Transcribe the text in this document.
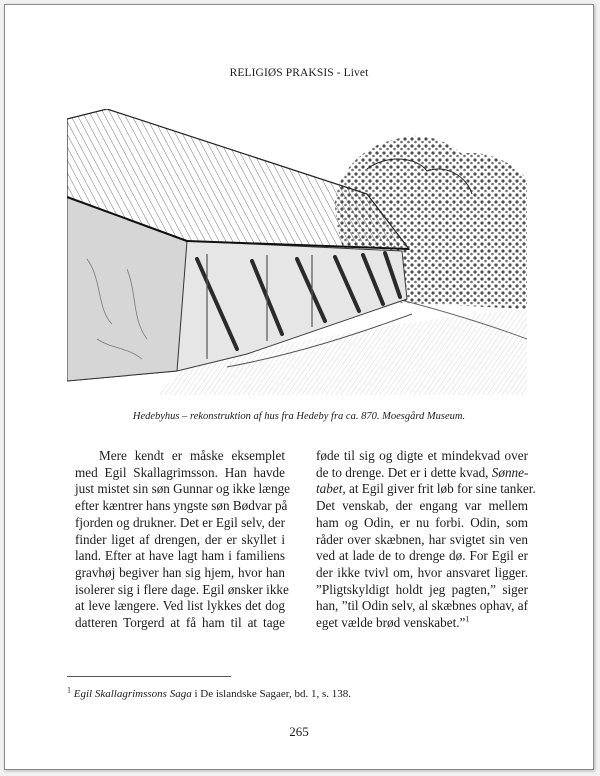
RELIGIØS PRAKSIS - Livet
Hedebyhus – rekonstruktion af hus fra Hedeby fra ca. 870. Moesgård Museum.

Mere kendt er måske eksemplet
med Egil Skallagrimsson. Han havde
just mistet sin søn Gunnar og ikke længe
efter kæntrer hans yngste søn Bødvar på
fjorden og drukner. Det er Egil selv, der
finder liget af drengen, der er skyllet i
land. Efter at have lagt ham i familiens
gravhøj begiver han sig hjem, hvor han
isolerer sig i flere dage. Egil ønsker ikke
at leve længere. Ved list lykkes det dog
datteren Torgerd at få ham til at tage

føde til sig og digte et mindekvad over
de to drenge. Det er i dette kvad, Sønne-
tabet, at Egil giver frit løb for sine tanker.
Det venskab, der engang var mellem
ham og Odin, er nu forbi. Odin, som
råder over skæbnen, har svigtet sin ven
ved at lade de to drenge dø. For Egil er
der ikke tvivl om, hvor ansvaret ligger.
”Pligtskyldigt holdt jeg pagten,” siger
han, ”til Odin selv, al skæbnes ophav, af
eget vælde brød venskabet.”$^1$
$^1$ Egil Skallagrimssons Saga i De islandske Sagaer, bd. 1, s. 138.
265
